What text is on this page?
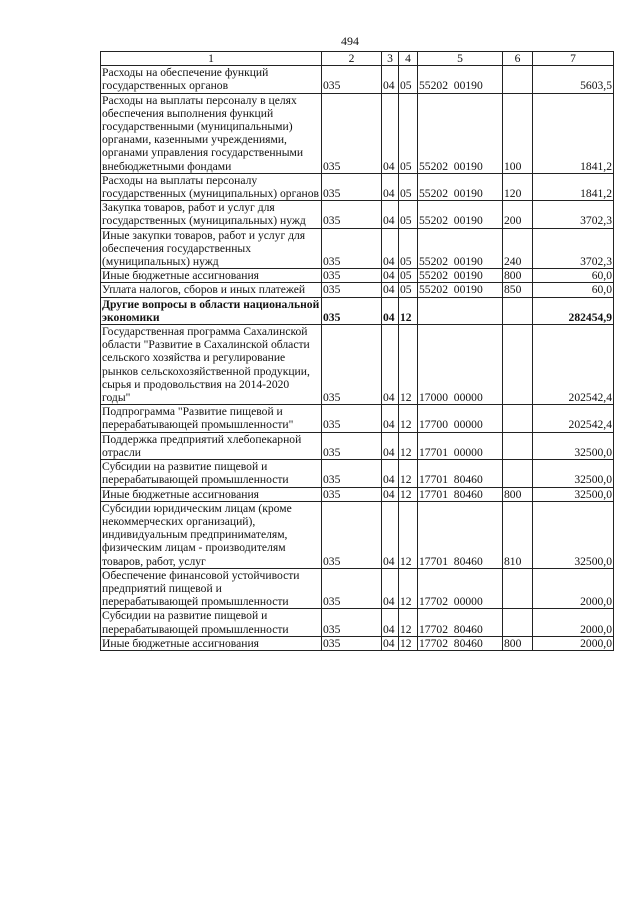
494
1	2	3	4	5	6	7
Расходы на обеспечение функций государственных органов	035	04	05	55202  00190		5603,5
Расходы на выплаты персоналу в целях обеспечения выполнения функций государственными (муниципальными) органами, казенными учреждениями, органами управления государственными внебюджетными фондами	035	04	05	55202  00190	100	1841,2
Расходы на выплаты персоналу государственных (муниципальных) органов	035	04	05	55202  00190	120	1841,2
Закупка товаров, работ и услуг для государственных (муниципальных) нужд	035	04	05	55202  00190	200	3702,3
Иные закупки товаров, работ и услуг для обеспечения государственных (муниципальных) нужд	035	04	05	55202  00190	240	3702,3
Иные бюджетные ассигнования	035	04	05	55202  00190	800	60,0
Уплата налогов, сборов и иных платежей	035	04	05	55202  00190	850	60,0
Другие вопросы в области национальной экономики	035	04	12			282454,9
Государственная программа Сахалинской области "Развитие в Сахалинской области сельского хозяйства и регулирование рынков сельскохозяйственной продукции, сырья и продовольствия на 2014-2020 годы"	035	04	12	17000  00000		202542,4
Подпрограмма "Развитие пищевой и перерабатывающей промышленности"	035	04	12	17700  00000		202542,4
Поддержка предприятий хлебопекарной отрасли	035	04	12	17701  00000		32500,0
Субсидии на развитие пищевой и перерабатывающей промышленности	035	04	12	17701  80460		32500,0
Иные бюджетные ассигнования	035	04	12	17701  80460	800	32500,0
Субсидии юридическим лицам (кроме некоммерческих организаций), индивидуальным предпринимателям, физическим лицам - производителям товаров, работ, услуг	035	04	12	17701  80460	810	32500,0
Обеспечение финансовой устойчивости предприятий пищевой и перерабатывающей промышленности	035	04	12	17702  00000		2000,0
Субсидии на развитие пищевой и перерабатывающей промышленности	035	04	12	17702  80460		2000,0
Иные бюджетные ассигнования	035	04	12	17702  80460	800	2000,0
